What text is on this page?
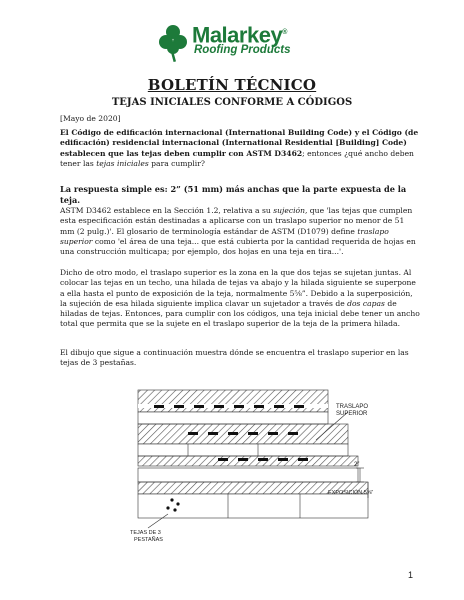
Malarkey®
Roofing Products
BOLETÍN TÉCNICO
TEJAS INICIALES CONFORME A CÓDIGOS
[Mayo de 2020]
El Código de edificación internacional (International Building Code) y el Código (de edificación) residencial internacional (International Residential [Building] Code) establecen que las tejas deben cumplir con ASTM D3462; entonces ¿qué ancho deben tener las tejas iniciales para cumplir?
La respuesta simple es: 2” (51 mm) más anchas que la parte expuesta de la teja.
ASTM D3462 establece en la Sección 1.2, relativa a su sujeción, que 'las tejas que cumplen esta especificación están destinadas a aplicarse con un traslapo superior no menor de 51 mm (2 pulg.)'. El glosario de terminología estándar de ASTM (D1079) define traslapo superior como 'el área de una teja... que está cubierta por la cantidad requerida de hojas en una construcción multicapa; por ejemplo, dos hojas en una teja en tira...'.
Dicho de otro modo, el traslapo superior es la zona en la que dos tejas se sujetan juntas. Al colocar las tejas en un techo, una hilada de tejas va abajo y la hilada siguiente se superpone a ella hasta el punto de exposición de la teja, normalmente 5⅝”. Debido a la superposición, la sujeción de esa hilada siguiente implica clavar un sujetador a través de dos capas de hiladas de tejas. Entonces, para cumplir con los códigos, una teja inicial debe tener un ancho total que permita que se la sujete en el traslapo superior de la teja de la primera hilada.
El dibujo que sigue a continuación muestra dónde se encuentra el traslapo superior en las tejas de 3 pestañas.
TRASLAPO
SUPERIOR
2”
EXPOSICIÓN 5⅝”
TEJAS DE 3
PESTAÑAS
1
